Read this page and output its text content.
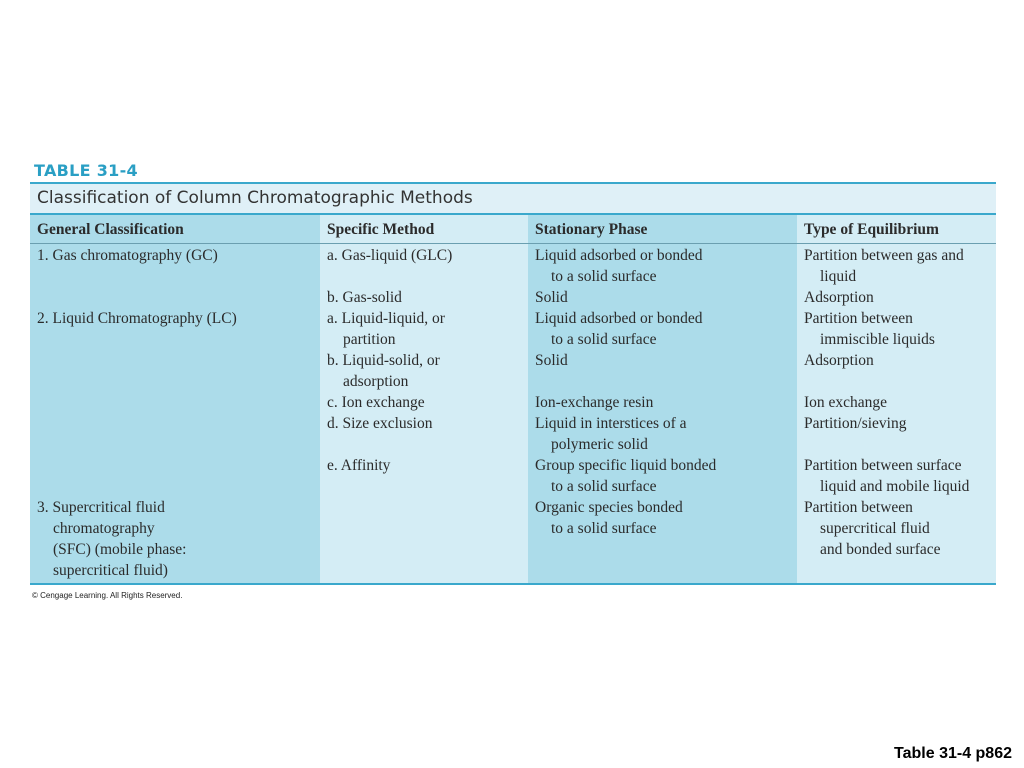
TABLE 31-4
Classification of Column Chromatographic Methods
General Classification
1. Gas chromatography (GC)
2. Liquid Chromatography (LC)
3. Supercritical fluid
chromatography
(SFC) (mobile phase:
supercritical fluid)
Specific Method
a. Gas-liquid (GLC)
b. Gas-solid
a. Liquid-liquid, or
partition
b. Liquid-solid, or
adsorption
c. Ion exchange
d. Size exclusion
e. Affinity
Stationary Phase
Liquid adsorbed or bonded
to a solid surface
Solid
Liquid adsorbed or bonded
to a solid surface
Solid
Ion-exchange resin
Liquid in interstices of a
polymeric solid
Group specific liquid bonded
to a solid surface
Organic species bonded
to a solid surface
Type of Equilibrium
Partition between gas and
liquid
Adsorption
Partition between
immiscible liquids
Adsorption
Ion exchange
Partition/sieving
Partition between surface
liquid and mobile liquid
Partition between
supercritical fluid
and bonded surface
© Cengage Learning. All Rights Reserved.
Table 31-4 p862
